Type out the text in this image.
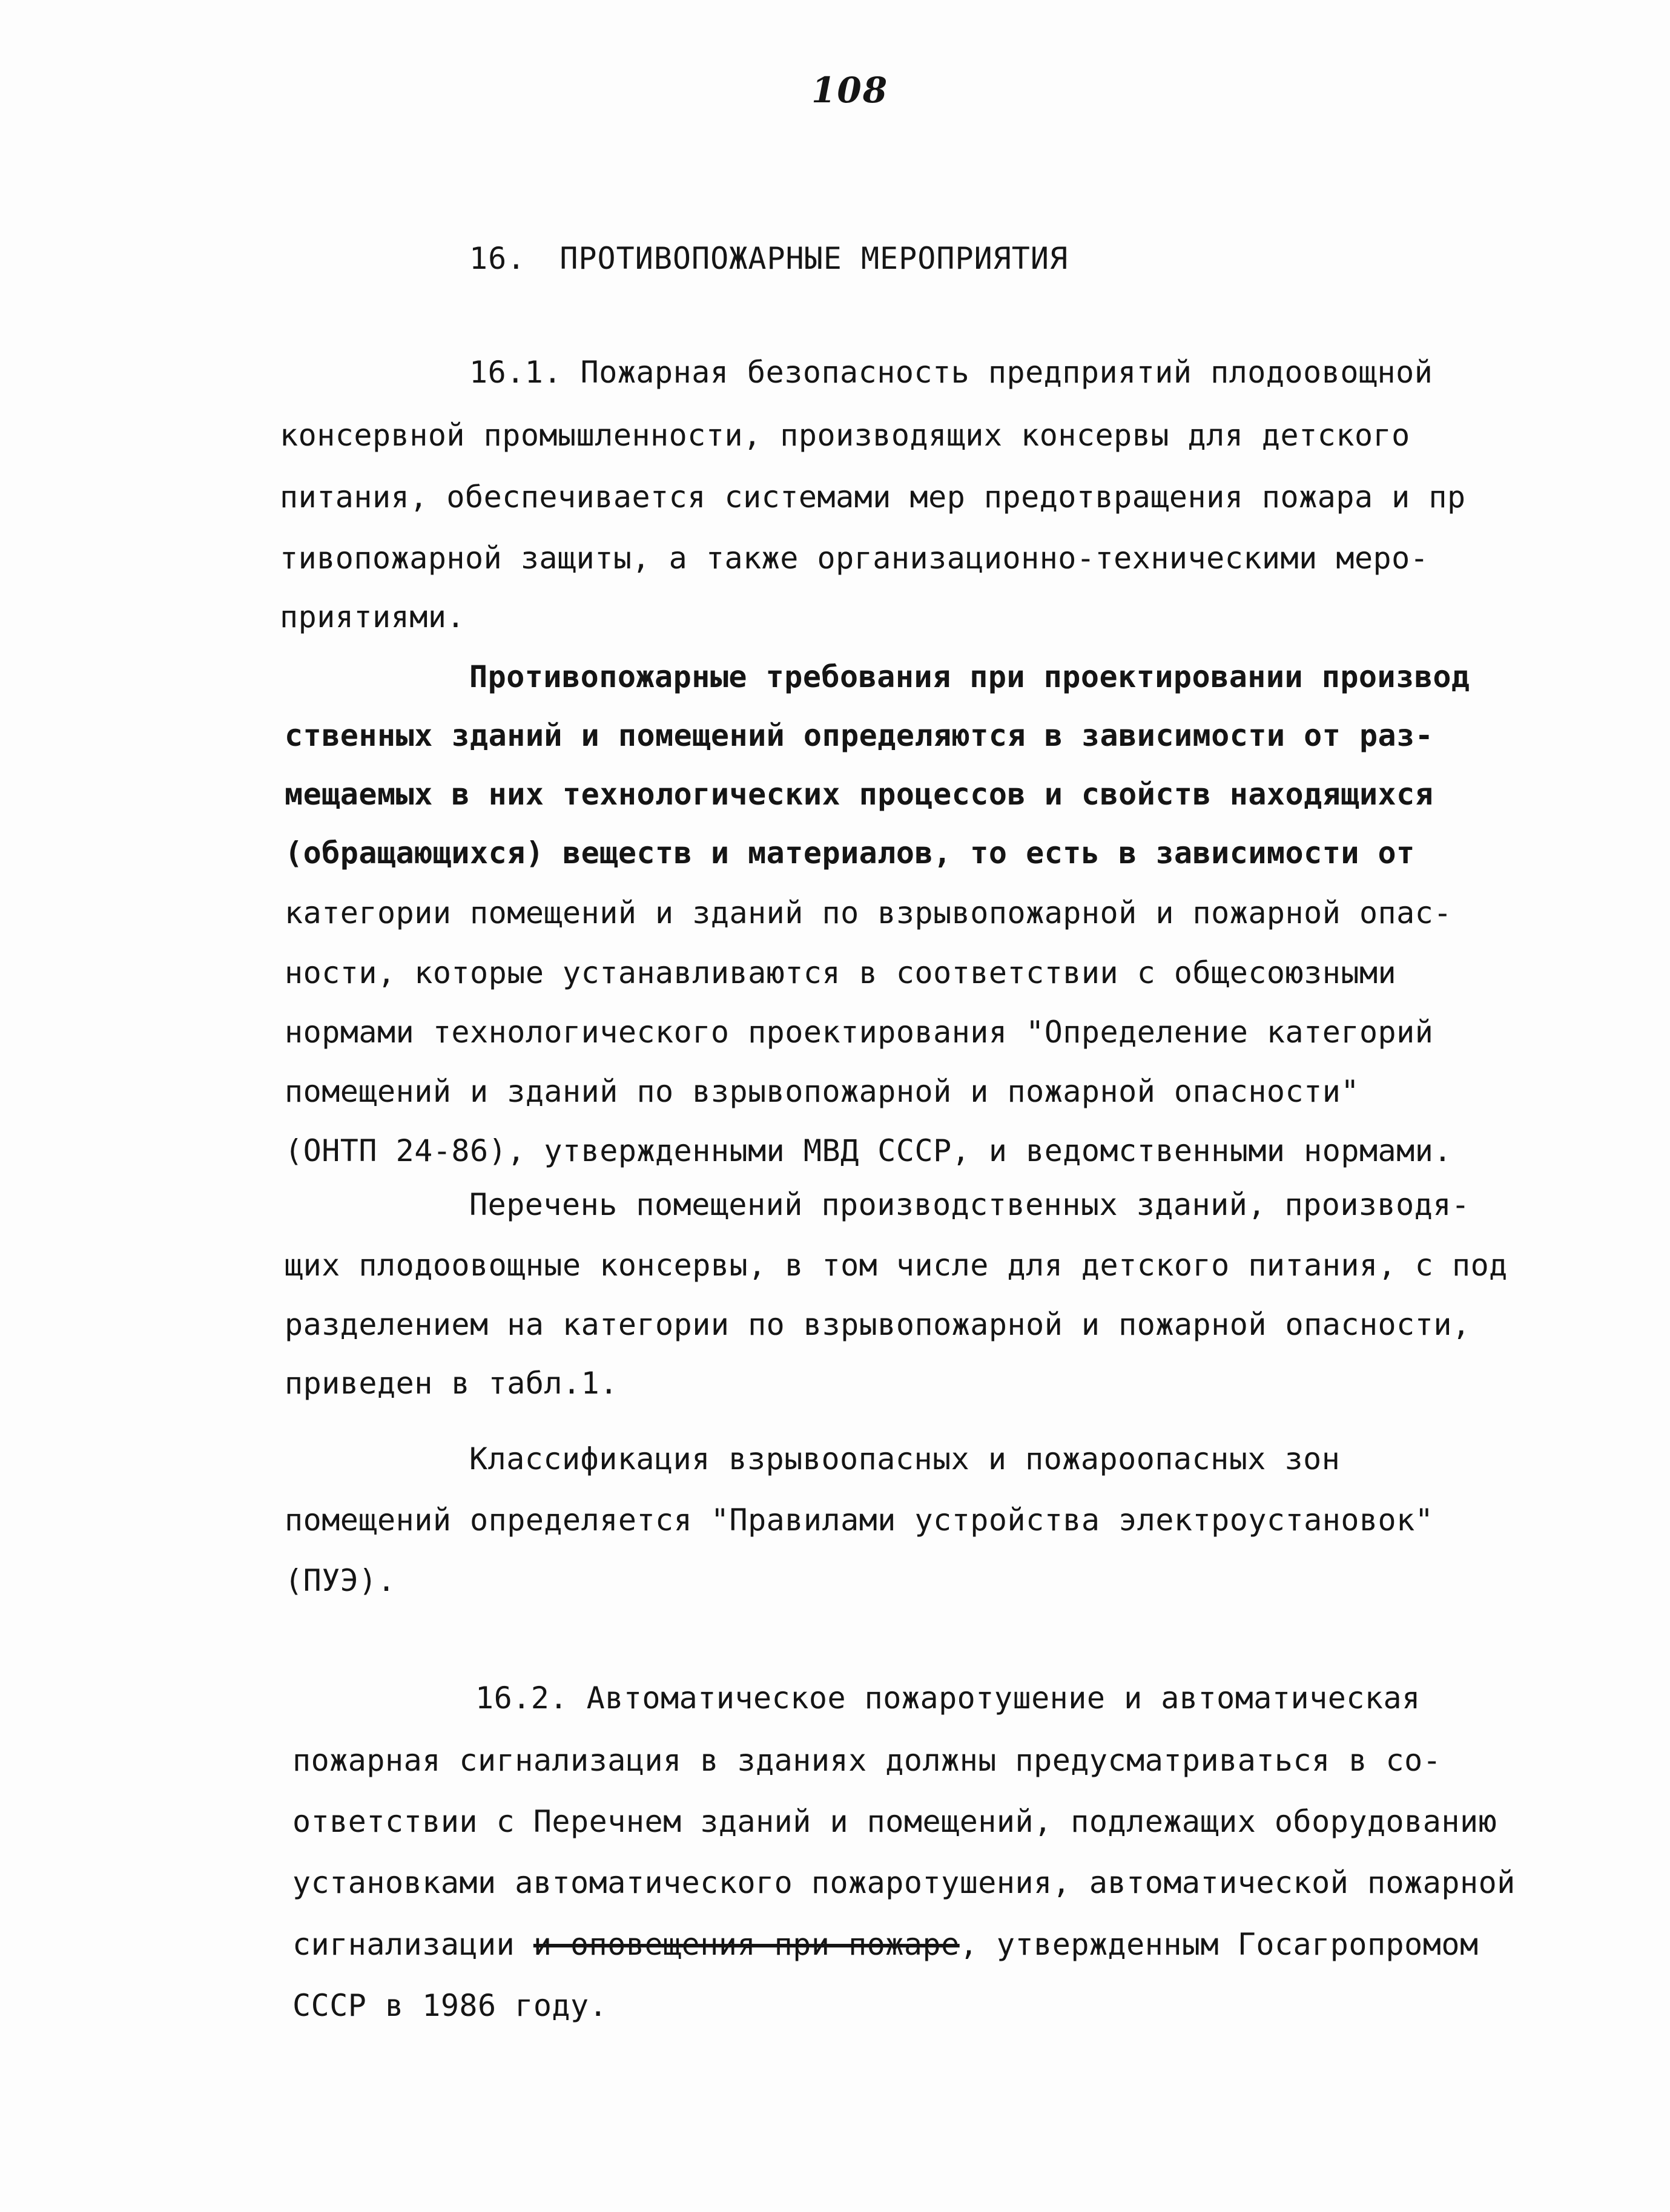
108
16. ПРОТИВОПОЖАРНЫЕ МЕРОПРИЯТИЯ
16.1. Пожарная безопасность предприятий плодоовощной
консервной промышленности, производящих консервы для детского
питания, обеспечивается системами мер предотвращения пожара и пр
тивопожарной защиты, а также организационно-техническими меро-
приятиями.
Противопожарные требования при проектировании производ
ственных зданий и помещений определяются в зависимости от раз-
мещаемых в них технологических процессов и свойств находящихся
(обращающихся) веществ и материалов, то есть в зависимости от
категории помещений и зданий по взрывопожарной и пожарной опас-
ности, которые устанавливаются в соответствии с общесоюзными
нормами технологического проектирования "Определение категорий
помещений и зданий по взрывопожарной и пожарной опасности"
(ОНТП 24-86), утвержденными МВД СССР, и ведомственными нормами.
Перечень помещений производственных зданий, производя-
щих плодоовощные консервы, в том числе для детского питания, с под
разделением на категории по взрывопожарной и пожарной опасности,
приведен в табл.1.
Классификация взрывоопасных и пожароопасных зон
помещений определяется "Правилами устройства электроустановок"
(ПУЭ).
16.2. Автоматическое пожаротушение и автоматическая
пожарная сигнализация в зданиях должны предусматриваться в со-
ответствии с Перечнем зданий и помещений, подлежащих оборудованию
установками автоматического пожаротушения, автоматической пожарной
сигнализации и оповещения при пожаре, утвержденным Госагропромом
СССР в 1986 году.
